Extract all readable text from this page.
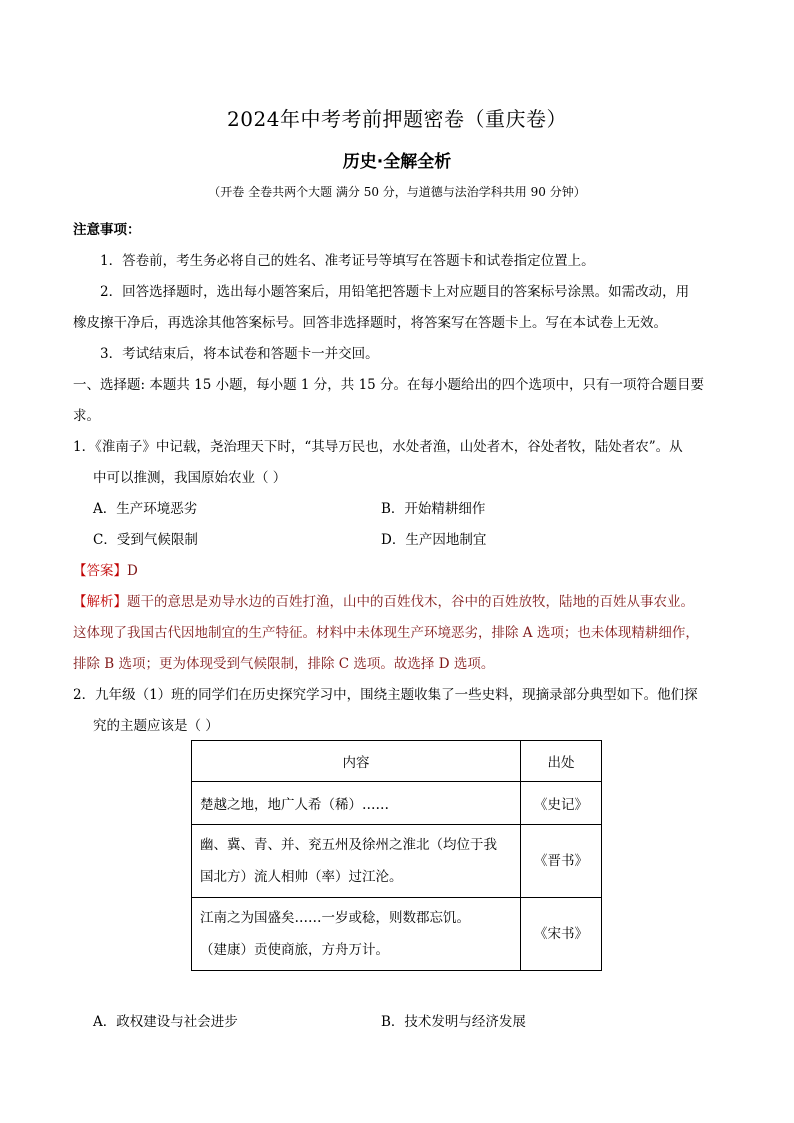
2024年中考考前押题密卷（重庆卷）
历史·全解全析
（开卷 全卷共两个大题 满分 50 分，与道德与法治学科共用 90 分钟）
注意事项：
1．答卷前，考生务必将自己的姓名、准考证号等填写在答题卡和试卷指定位置上。
2．回答选择题时，选出每小题答案后，用铅笔把答题卡上对应题目的答案标号涂黑。如需改动，用
橡皮擦干净后，再选涂其他答案标号。回答非选择题时，将答案写在答题卡上。写在本试卷上无效。
3．考试结束后，将本试卷和答题卡一并交回。
一、选择题: 本题共 15 小题，每小题 1 分，共 15 分。在每小题给出的四个选项中，只有一项符合题目要
求。
1．《淮南子》中记载，尧治理天下时，“其导万民也，水处者渔，山处者木，谷处者牧，陆处者农”。从
中可以推测，我国原始农业（ ）
A．生产环境恶劣	B．开始精耕细作
C．受到气候限制	D．生产因地制宜
【答案】D
【解析】题干的意思是劝导水边的百姓打渔，山中的百姓伐木，谷中的百姓放牧，陆地的百姓从事农业。
这体现了我国古代因地制宜的生产特征。材料中未体现生产环境恶劣，排除 A 选项；也未体现精耕细作，
排除 B 选项；更为体现受到气候限制，排除 C 选项。故选择 D 选项。
2．九年级（1）班的同学们在历史探究学习中，围绕主题收集了一些史料，现摘录部分典型如下。他们探
究的主题应该是（ ）
内容	出处
楚越之地，地广人希（稀）……	《史记》
幽、冀、青、并、兖五州及徐州之淮北（均位于我
国北方）流人相帅（率）过江沦。	《晋书》
江南之为国盛矣……一岁或稔，则数郡忘饥。
（建康）贡使商旅，方舟万计。	《宋书》
A．政权建设与社会进步	B．技术发明与经济发展
